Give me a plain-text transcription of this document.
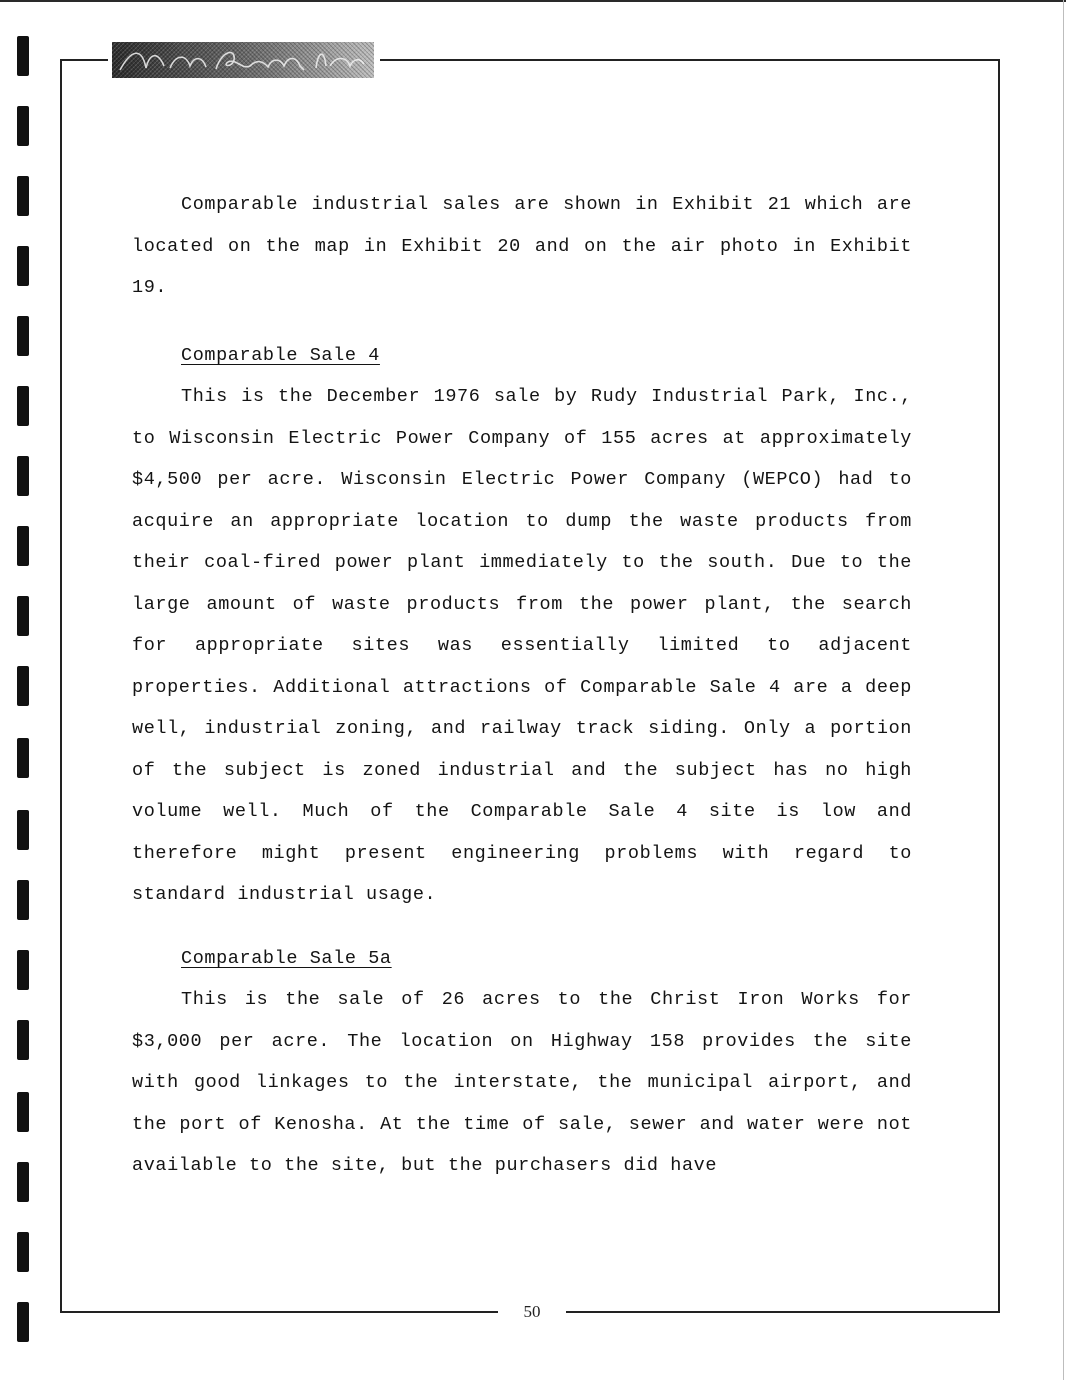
Comparable industrial sales are shown in Exhibit 21 which are located on the map in Exhibit 20 and on the air photo in Exhibit 19.

Comparable Sale 4

This is the December 1976 sale by Rudy Industrial Park, Inc., to Wisconsin Electric Power Company of 155 acres at approximately $4,500 per acre. Wisconsin Electric Power Company (WEPCO) had to acquire an appropriate location to dump the waste products from their coal-fired power plant immediately to the south. Due to the large amount of waste products from the power plant, the search for appropriate sites was essentially limited to adjacent properties. Additional attractions of Comparable Sale 4 are a deep well, industrial zoning, and railway track siding. Only a portion of the subject is zoned industrial and the subject has no high volume well. Much of the Comparable Sale 4 site is low and therefore might present engineering problems with regard to standard industrial usage.

Comparable Sale 5a

This is the sale of 26 acres to the Christ Iron Works for $3,000 per acre. The location on Highway 158 provides the site with good linkages to the interstate, the municipal airport, and the port of Kenosha. At the time of sale, sewer and water were not available to the site, but the purchasers did have

50
